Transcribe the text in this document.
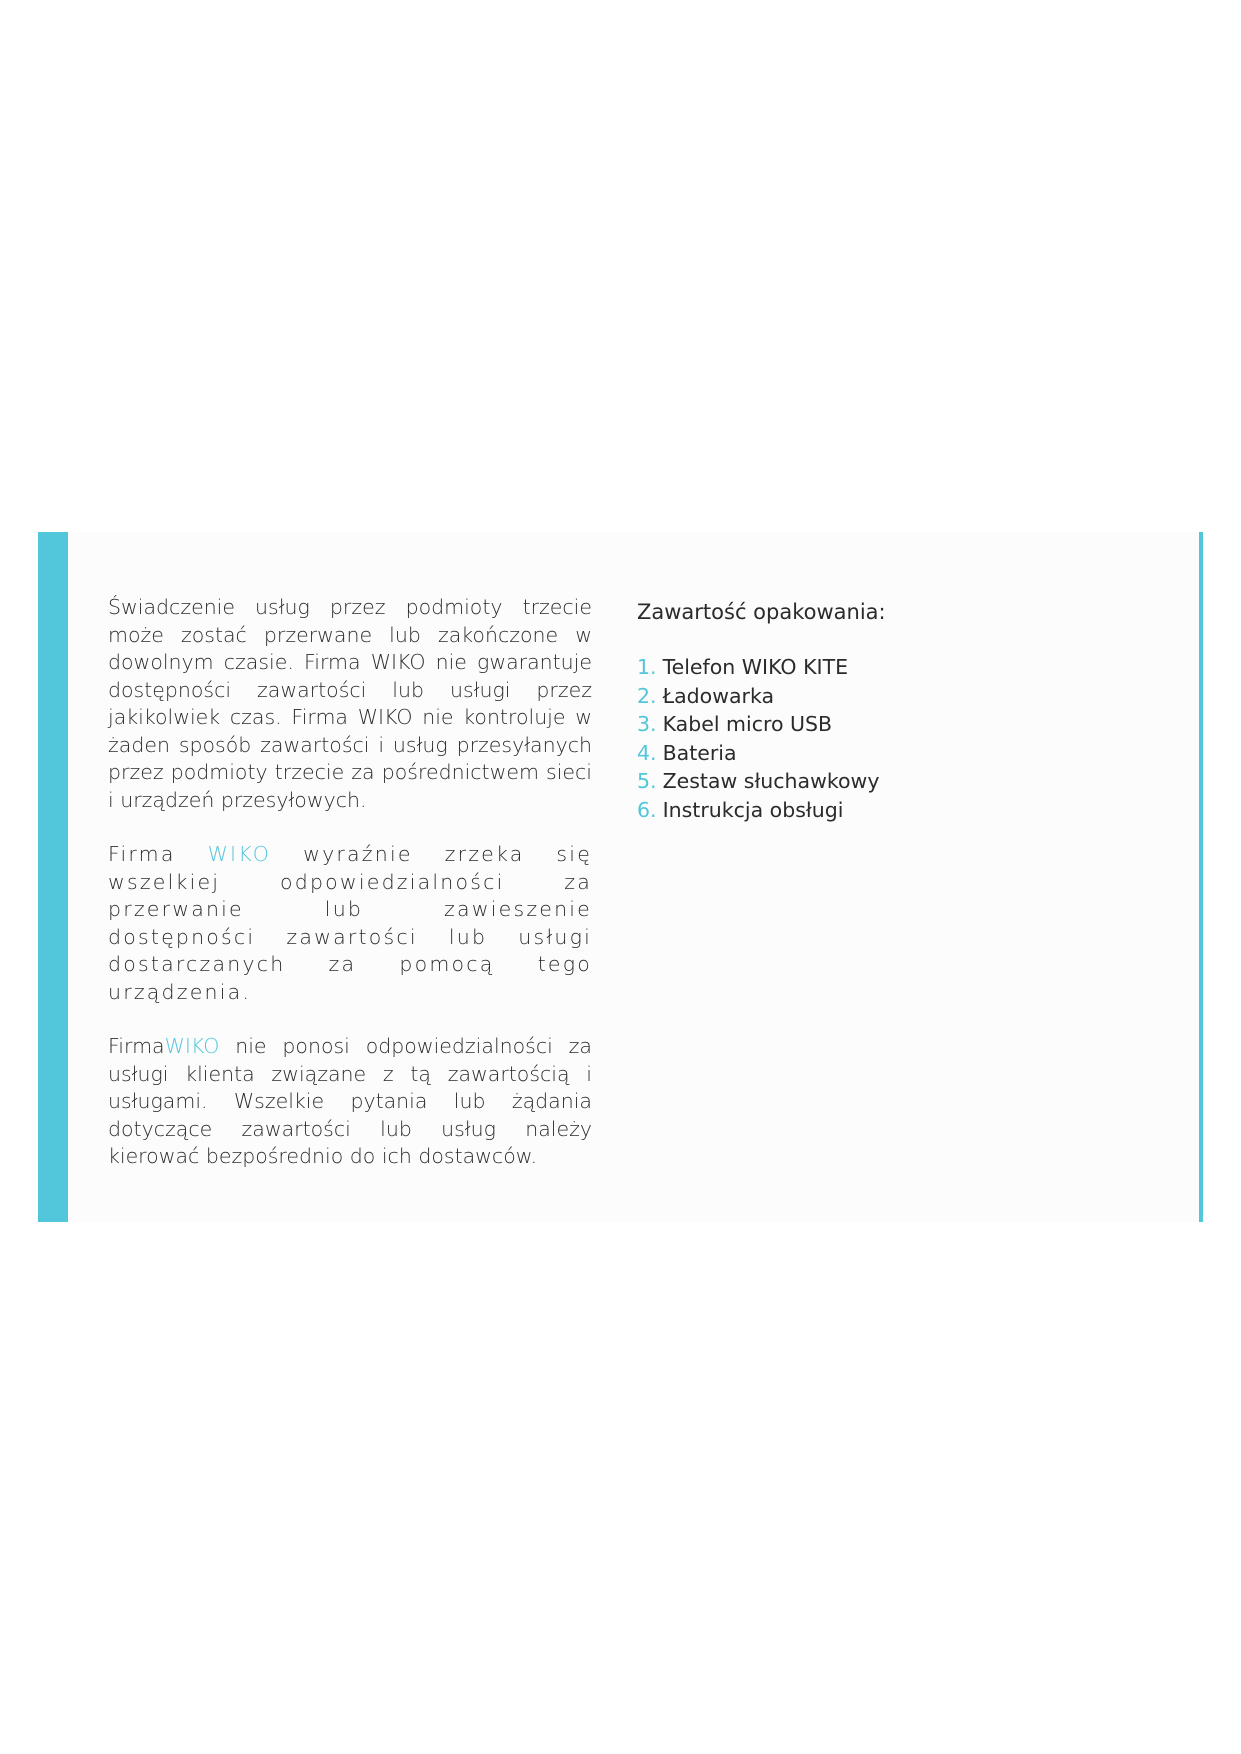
Świadczenie usług przez podmioty trzecie może zostać przerwane lub zakończone w dowolnym czasie. Firma WIKO nie gwarantuje dostępności zawartości lub usługi przez jakikolwiek czas. Firma WIKO nie kontroluje w żaden sposób zawartości i usług przesyłanych przez podmioty trzecie za pośrednictwem sieci i urządzeń przesyłowych.

Firma WIKO wyraźnie zrzeka się wszelkiej odpowiedzialności za przerwanie lub zawieszenie dostępności zawartości lub usługi dostarczanych za pomocą tego urządzenia.

FirmaWIKO nie ponosi odpowiedzialności za usługi klienta związane z tą zawartością i usługami. Wszelkie pytania lub żądania dotyczące zawartości lub usług należy kierować bezpośrednio do ich dostawców.

Zawartość opakowania:
1. Telefon WIKO KITE
2. Ładowarka
3. Kabel micro USB
4. Bateria
5. Zestaw słuchawkowy
6. Instrukcja obsługi
